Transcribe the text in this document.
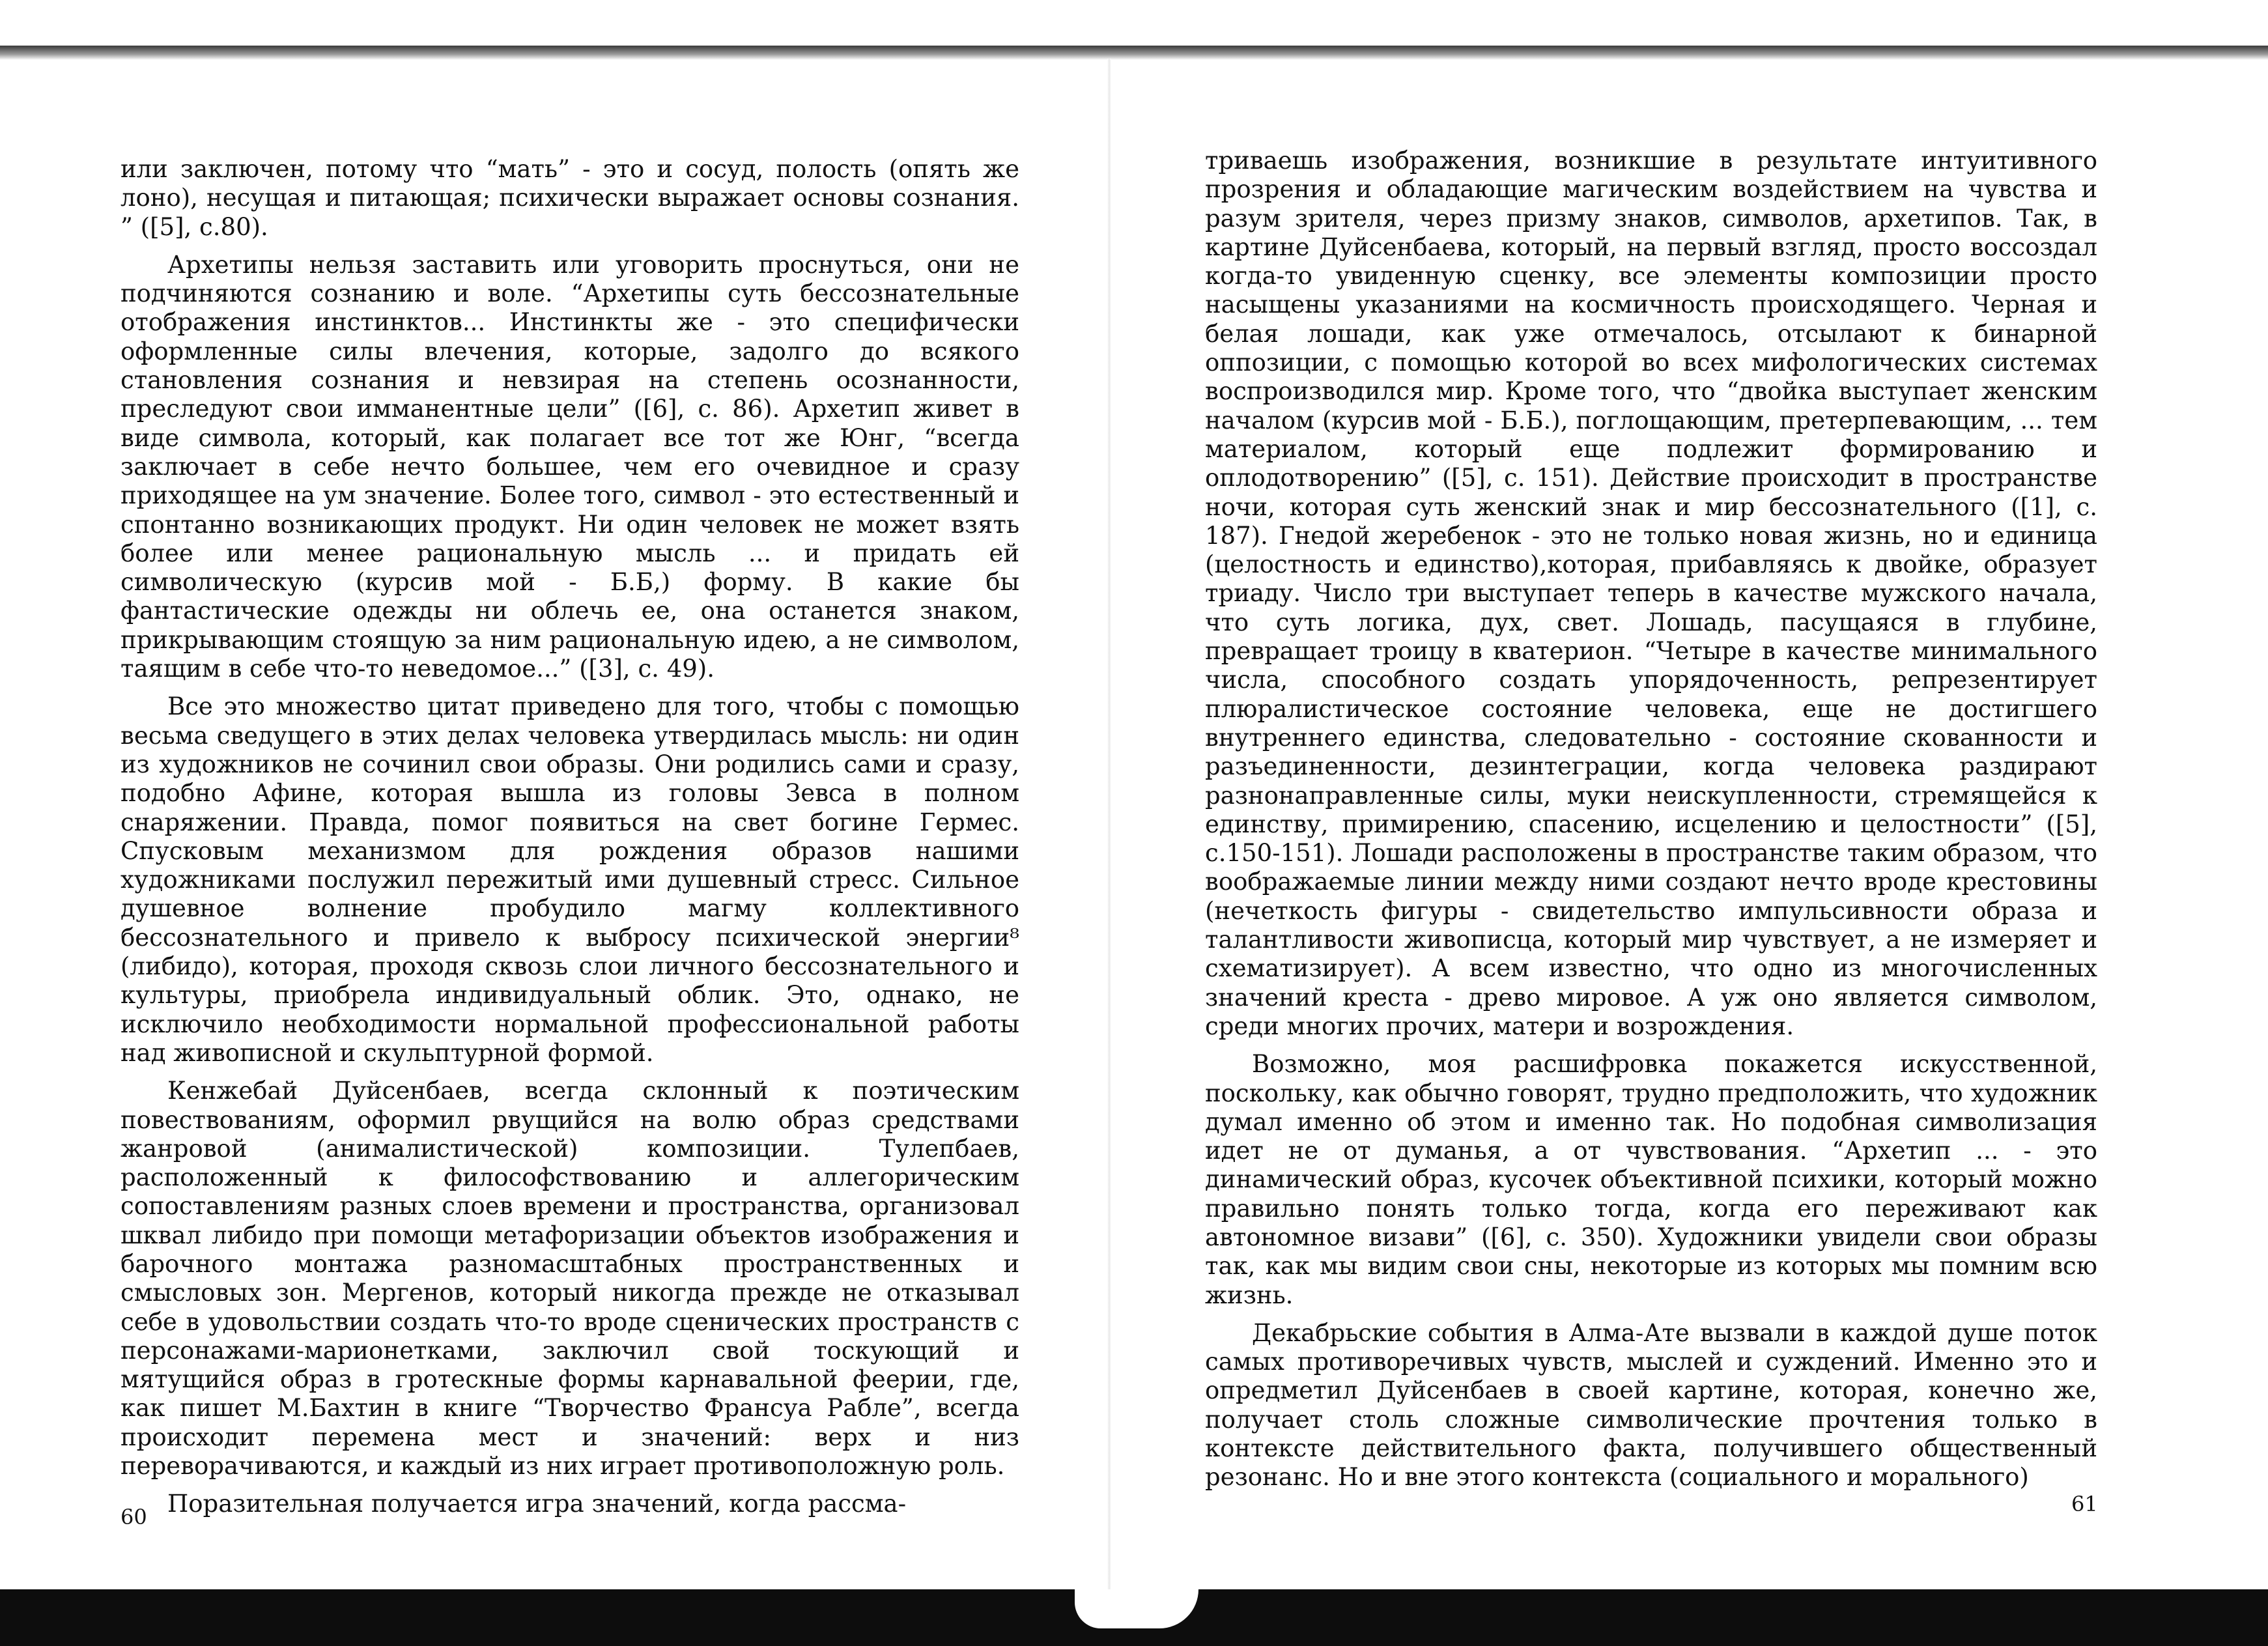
или заключен, потому что “мать” - это и сосуд, полость (опять же лоно), несущая и питающая; психически выражает основы сознания. ” ([5], с.80).

Архетипы нельзя заставить или уговорить проснуться, они не подчиняются сознанию и воле. “Архетипы суть бессознательные отображения инстинктов... Инстинкты же - это специфически оформленные силы влечения, которые, задолго до всякого становления сознания и невзирая на степень осознанности, преследуют свои имманентные цели” ([6], с. 86). Архетип живет в виде символа, который, как полагает все тот же Юнг, “всегда заключает в себе нечто большее, чем его очевидное и сразу приходящее на ум значение. Более того, символ - это естественный и спонтанно возникающих продукт. Ни один человек не может взять более или менее рациональную мысль ... и придать ей символическую (курсив мой - Б.Б,) форму. В какие бы фантастические одежды ни облечь ее, она останется знаком, прикрывающим стоящую за ним рациональную идею, а не символом, таящим в себе что-то неведомое...” ([3], с. 49).

Все это множество цитат приведено для того, чтобы с помощью весьма сведущего в этих делах человека утвердилась мысль: ни один из художников не сочинил свои образы. Они родились сами и сразу, подобно Афине, которая вышла из головы Зевса в полном снаряжении. Правда, помог появиться на свет богине Гермес. Спусковым механизмом для рождения образов нашими художниками послужил пережитый ими душевный стресс. Сильное душевное волнение пробудило магму коллективного бессознательного и привело к выбросу психической энергии⁸ (либидо), которая, проходя сквозь слои личного бессознательного и культуры, приобрела индивидуальный облик. Это, однако, не исключило необходимости нормальной профессиональной работы над живописной и скульптурной формой.

Кенжебай Дуйсенбаев, всегда склонный к поэтическим повествованиям, оформил рвущийся на волю образ средствами жанровой (анималистической) композиции. Тулепбаев, расположенный к философствованию и аллегорическим сопоставлениям разных слоев времени и пространства, организовал шквал либидо при помощи метафоризации объектов изображения и барочного монтажа разномасштабных пространственных и смысловых зон. Мергенов, который никогда прежде не отказывал себе в удовольствии создать что-то вроде сценических пространств с персонажами-марионетками, заключил свой тоскующий и мятущийся образ в гротескные формы карнавальной феерии, где, как пишет М.Бахтин в книге “Творчество Франсуа Рабле”, всегда происходит перемена мест и значений: верх и низ переворачиваются, и каждый из них играет противоположную роль.

Поразительная получается игра значений, когда рассма-

60

триваешь изображения, возникшие в результате интуитивного прозрения и обладающие магическим воздействием на чувства и разум зрителя, через призму знаков, символов, архетипов. Так, в картине Дуйсенбаева, который, на первый взгляд, просто воссоздал когда-то увиденную сценку, все элементы композиции просто насыщены указаниями на космичность происходящего. Черная и белая лошади, как уже отмечалось, отсылают к бинарной оппозиции, с помощью которой во всех мифологических системах воспроизводился мир. Кроме того, что “двойка выступает женским началом (курсив мой - Б.Б.), поглощающим, претерпевающим, ... тем материалом, который еще подлежит формированию и оплодотворению” ([5], с. 151). Действие происходит в пространстве ночи, которая суть женский знак и мир бессознательного ([1], с. 187). Гнедой жеребенок - это не только новая жизнь, но и единица (целостность и единство),которая, прибавляясь к двойке, образует триаду. Число три выступает теперь в качестве мужского начала, что суть логика, дух, свет. Лошадь, пасущаяся в глубине, превращает троицу в кватерион. “Четыре в качестве минимального числа, способного создать упорядоченность, репрезентирует плюралистическое состояние человека, еще не достигшего внутреннего единства, следовательно - состояние скованности и разъединенности, дезинтеграции, когда человека раздирают разнонаправленные силы, муки неискупленности, стремящейся к единству, примирению, спасению, исцелению и целостности” ([5], с.150-151). Лошади расположены в пространстве таким образом, что воображаемые линии между ними создают нечто вроде крестовины (нечеткость фигуры - свидетельство импульсивности образа и талантливости живописца, который мир чувствует, а не измеряет и схематизирует). А всем известно, что одно из многочисленных значений креста - древо мировое. А уж оно является символом, среди многих прочих, матери и возрождения.

Возможно, моя расшифровка покажется искусственной, поскольку, как обычно говорят, трудно предположить, что художник думал именно об этом и именно так. Но подобная символизация идет не от думанья, а от чувствования. “Архетип ... - это динамический образ, кусочек объективной психики, который можно правильно понять только тогда, когда его переживают как автономное визави” ([6], с. 350). Художники увидели свои образы так, как мы видим свои сны, некоторые из которых мы помним всю жизнь.

Декабрьские события в Алма-Ате вызвали в каждой душе поток самых противоречивых чувств, мыслей и суждений. Именно это и опредметил Дуйсенбаев в своей картине, которая, конечно же, получает столь сложные символические прочтения только в контексте действительного факта, получившего общественный резонанс. Но и вне этого контекста (социального и морального)

61
